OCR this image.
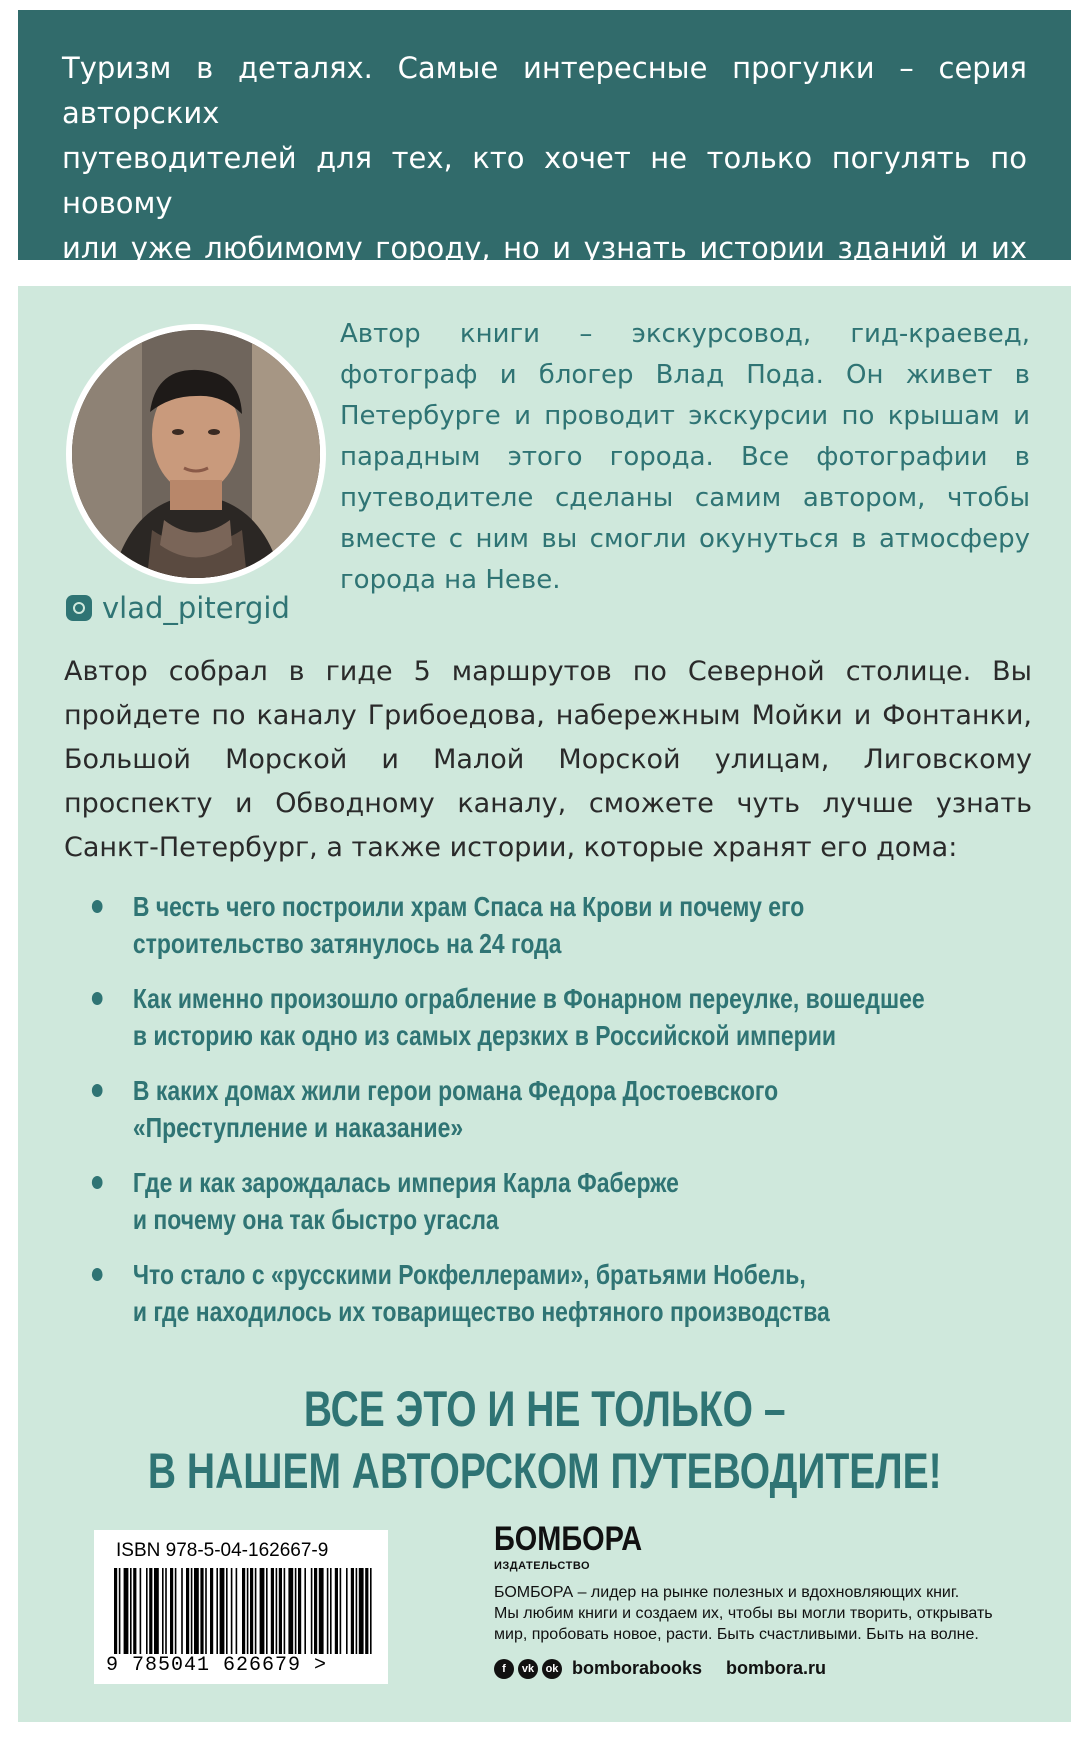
Туризм в деталях. Самые интересные прогулки – серия авторских

путеводителей для тех, кто хочет не только погулять по новому

или уже любимому городу, но и узнать истории зданий и их

Автор книги – экскурсовод, гид-краевед, фотограф и блогер Влад Пода. Он живет в Петербурге и проводит экскурсии по крышам и парадным этого города. Все фотографии в путеводителе сделаны самим автором, чтобы вместе с ним вы смогли окунуться в атмосферу города на Неве.
vlad_pitergid
Автор собрал в гиде 5 маршрутов по Северной столице. Вы пройдете по каналу Грибоедова, набережным Мойки и Фонтанки, Большой Морской и Малой Морской улицам, Лиговскому проспекту и Обводному каналу, сможете чуть лучше узнать Санкт-Петербург, а также истории, которые хранят его дома:
В честь чего построили храм Спаса на Крови и почему его
строительство затянулось на 24 года
Как именно произошло ограбление в Фонарном переулке, вошедшее
в историю как одно из самых дерзких в Российской империи
В каких домах жили герои романа Федора Достоевского
«Преступление и наказание»
Где и как зарождалась империя Карла Фаберже
и почему она так быстро угасла
Что стало с «русскими Рокфеллерами», братьями Нобель,
и где находилось их товарищество нефтяного производства
ВСЕ ЭТО И НЕ ТОЛЬКО –
В НАШЕМ АВТОРСКОМ ПУТЕВОДИТЕЛЕ!
ISBN 978-5-04-162667-9
9 785041 626679 >
БОМБОРА
ИЗДАТЕЛЬСТВО
БОМБОРА – лидер на рынке полезных и вдохновляющих книг.
Мы любим книги и создаем их, чтобы вы могли творить, открывать
мир, пробовать новое, расти. Быть счастливыми. Быть на волне.
f	vk	ok bomborabooks bombora.ru
